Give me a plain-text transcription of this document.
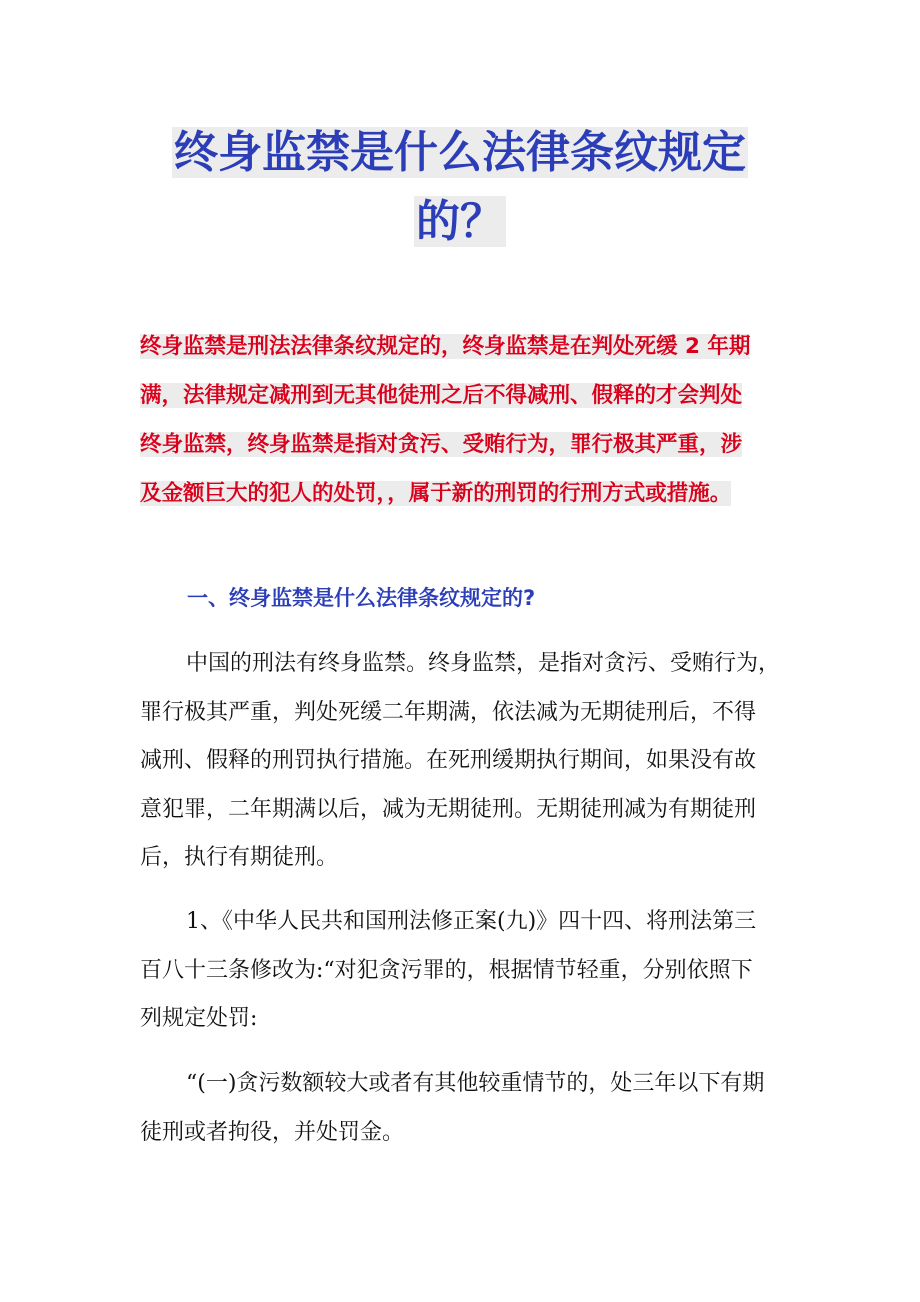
终身监禁是什么法律条纹规定
的？
终身监禁是刑法法律条纹规定的，终身监禁是在判处死缓 2 年期
满，法律规定减刑到无其他徒刑之后不得减刑、假释的才会判处
终身监禁，终身监禁是指对贪污、受贿行为，罪行极其严重，涉
及金额巨大的犯人的处罚，，属于新的刑罚的行刑方式或措施。
一、终身监禁是什么法律条纹规定的?
中国的刑法有终身监禁。终身监禁，是指对贪污、受贿行为，
罪行极其严重，判处死缓二年期满，依法减为无期徒刑后，不得
减刑、假释的刑罚执行措施。在死刑缓期执行期间，如果没有故
意犯罪，二年期满以后，减为无期徒刑。无期徒刑减为有期徒刑
后，执行有期徒刑。
1、《中华人民共和国刑法修正案(九)》四十四、将刑法第三
百八十三条修改为:“对犯贪污罪的，根据情节轻重，分别依照下
列规定处罚:
“(一)贪污数额较大或者有其他较重情节的，处三年以下有期
徒刑或者拘役，并处罚金。
